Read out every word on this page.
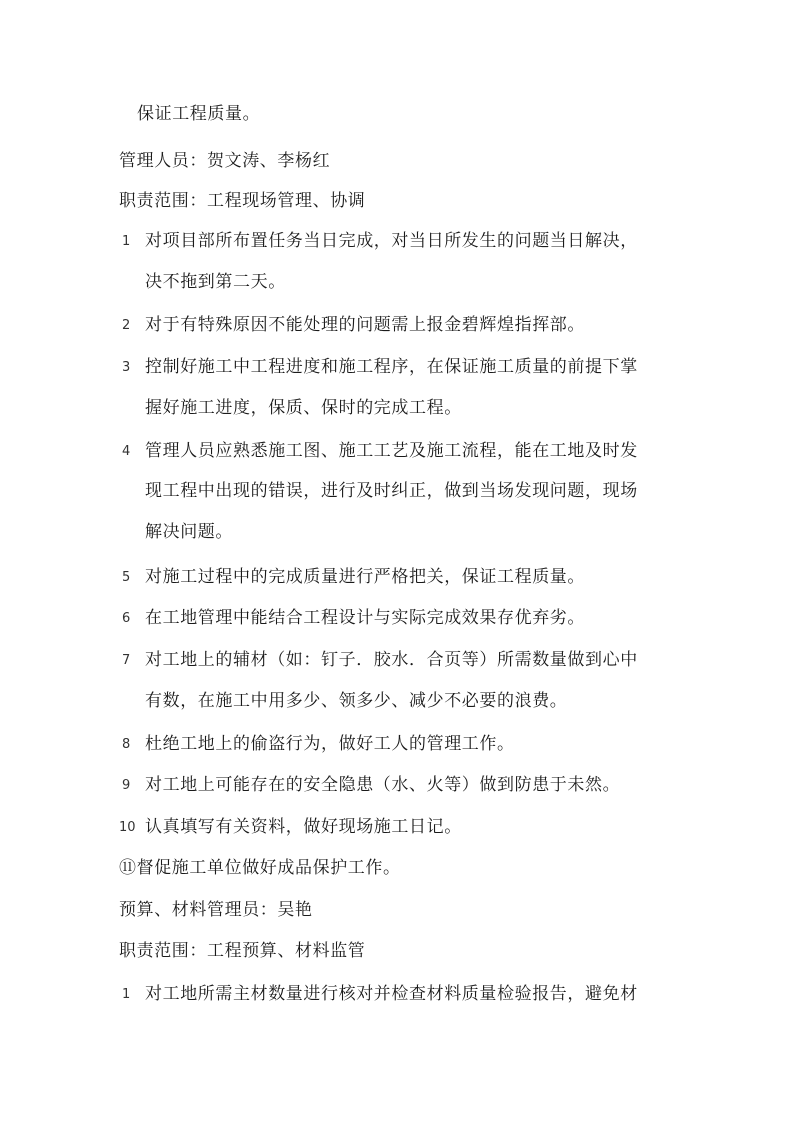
保证工程质量。
管理人员：贺文涛、李杨红
职责范围：工程现场管理、协调
1 对项目部所布置任务当日完成，对当日所发生的问题当日解决，
决不拖到第二天。
2 对于有特殊原因不能处理的问题需上报金碧辉煌指挥部。
3 控制好施工中工程进度和施工程序，在保证施工质量的前提下掌
握好施工进度，保质、保时的完成工程。
4 管理人员应熟悉施工图、施工工艺及施工流程，能在工地及时发
现工程中出现的错误，进行及时纠正，做到当场发现问题，现场
解决问题。
5 对施工过程中的完成质量进行严格把关，保证工程质量。
6 在工地管理中能结合工程设计与实际完成效果存优弃劣。
7 对工地上的辅材（如：钉子．胶水．合页等）所需数量做到心中
有数，在施工中用多少、领多少、减少不必要的浪费。
8 杜绝工地上的偷盗行为，做好工人的管理工作。
9 对工地上可能存在的安全隐患（水、火等）做到防患于未然。
10 认真填写有关资料，做好现场施工日记。
⑪督促施工单位做好成品保护工作。
预算、材料管理员：吴艳
职责范围：工程预算、材料监管
1 对工地所需主材数量进行核对并检查材料质量检验报告，避免材
